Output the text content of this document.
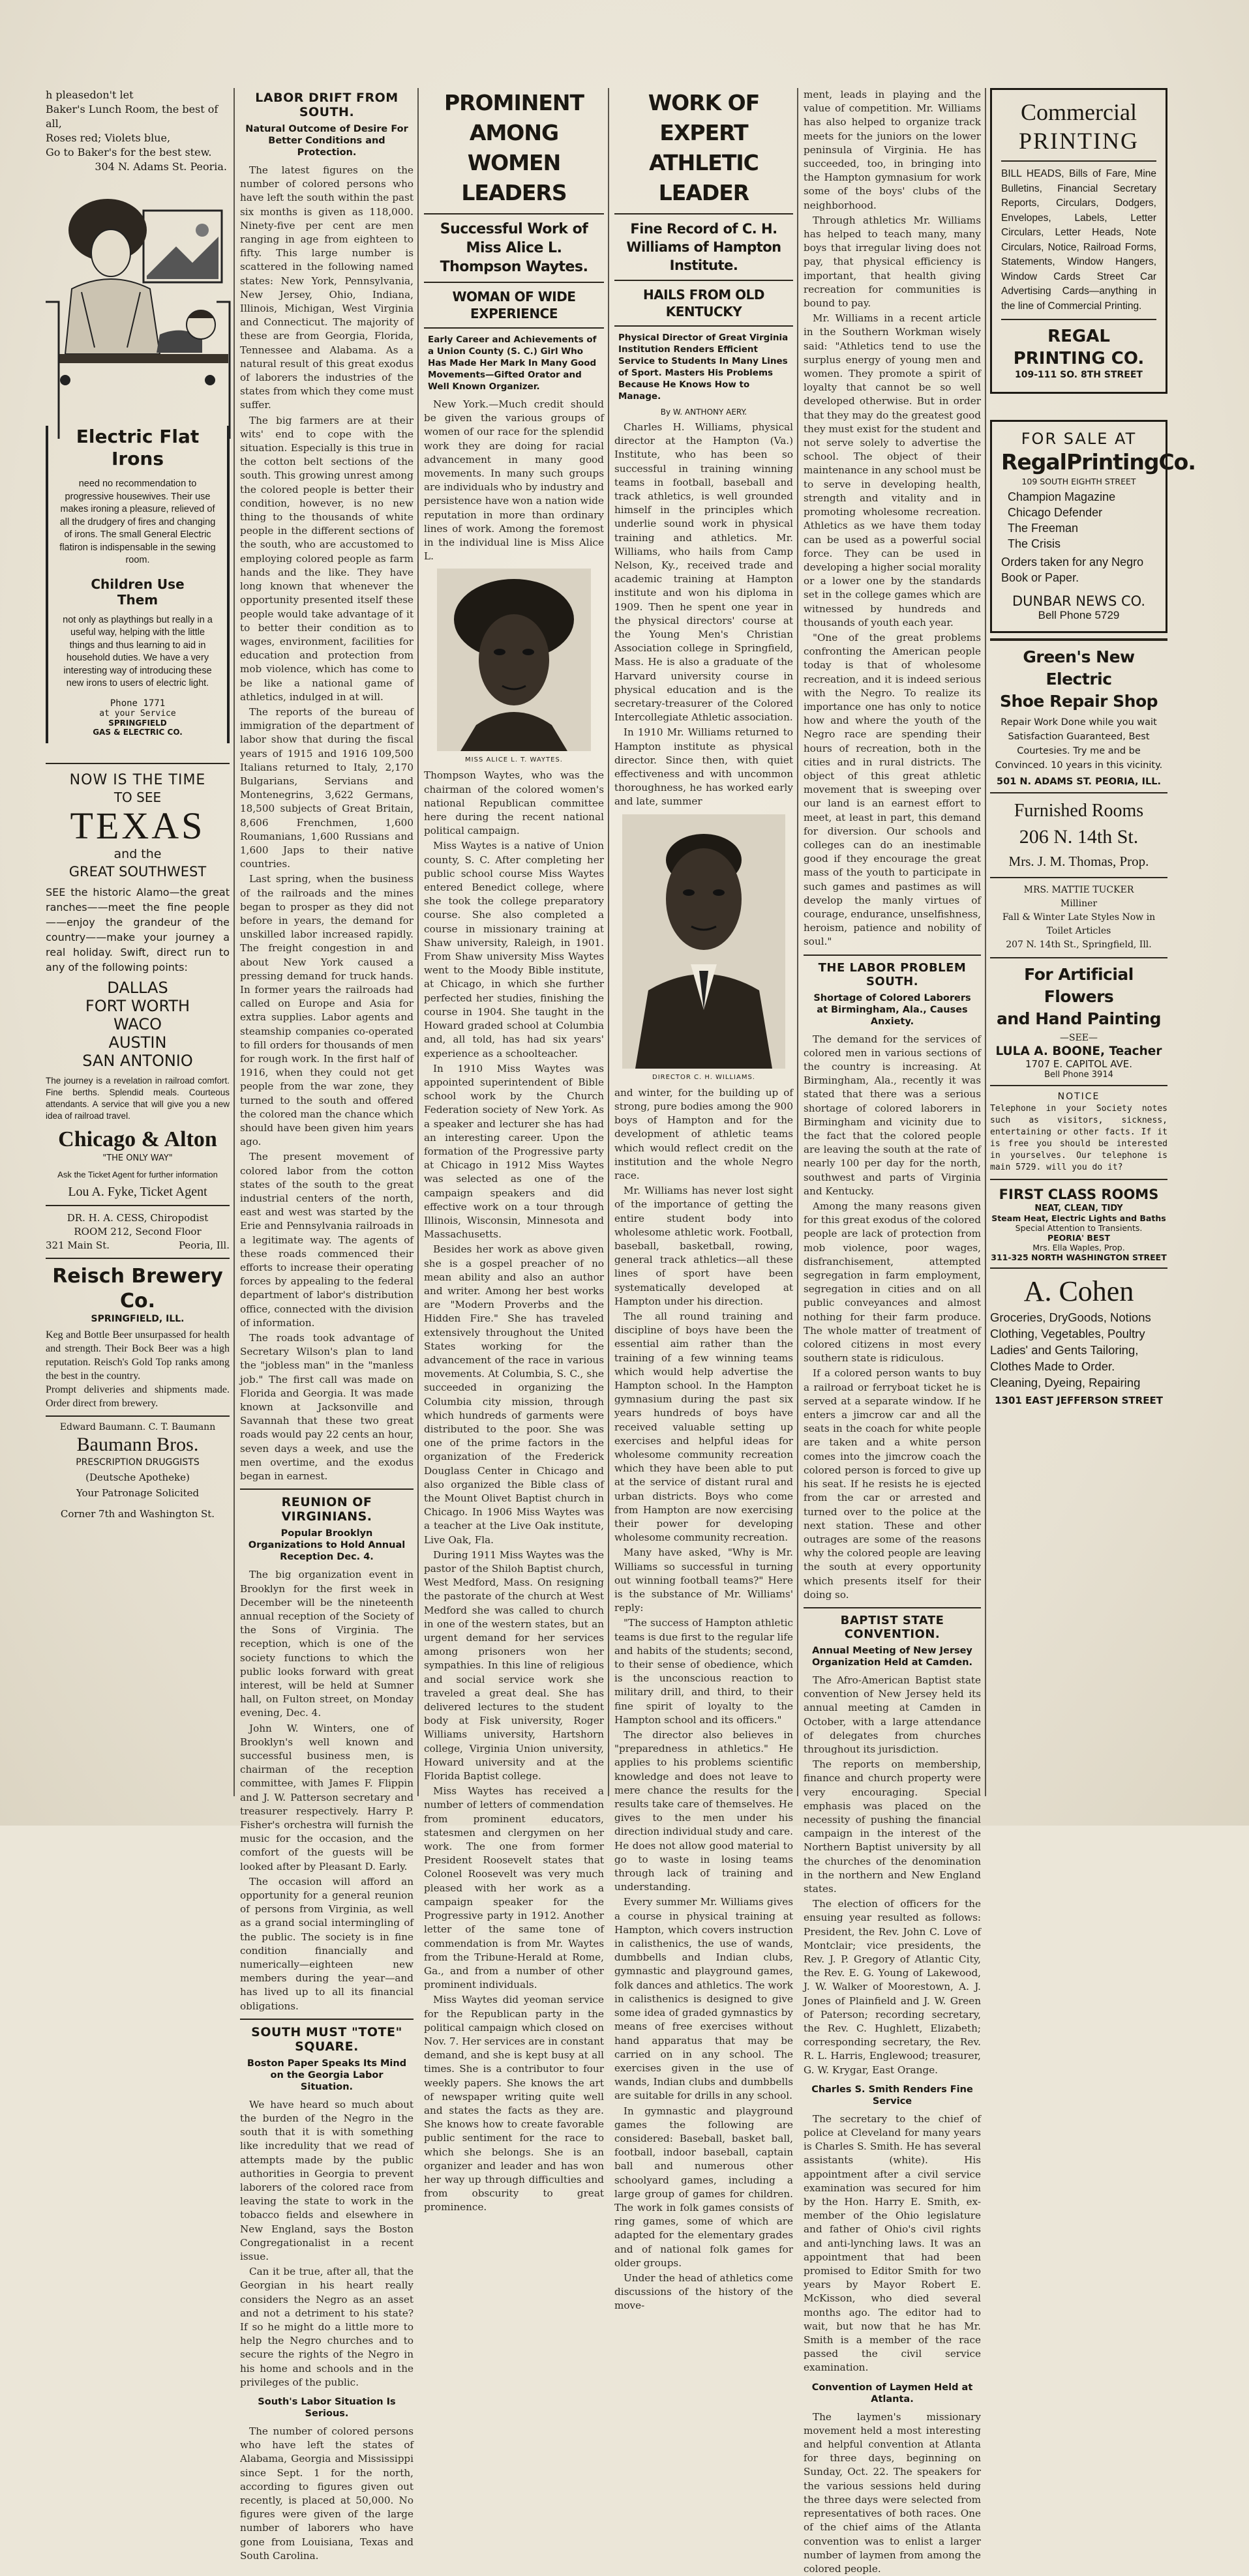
h pleasedon't let
Baker's Lunch Room, the best of all,
Roses red; Violets blue,
Go to Baker's for the best stew.
304 N. Adams St. Peoria.
Electric Flat Irons
need no recommendation to progressive housewives. Their use makes ironing a pleasure, relieved of all the drudgery of fires and changing of irons. The small General Electric flatiron is indispensable in the sewing room.
Children Use Them
not only as playthings but really in a useful way, helping with the little things and thus learning to aid in household duties. We have a very interesting way of introducing these new irons to users of electric light.
Phone 1771
at your Service
SPRINGFIELD
GAS & ELECTRIC CO.
NOW IS THE TIME
TO SEE
TEXAS
and the
GREAT SOUTHWEST
SEE the historic Alamo—the great ranches——meet the fine people——enjoy the grandeur of the country——make your journey a real holiday. Swift, direct run to any of the following points:
DALLAS
FORT WORTH
WACO
AUSTIN
SAN ANTONIO
The journey is a revelation in railroad comfort. Fine berths. Splendid meals. Courteous attendants. A service that will give you a new idea of railroad travel.
Chicago & Alton
"THE ONLY WAY"
Ask the Ticket Agent for further information
Lou A. Fyke, Ticket Agent
DR. H. A. CESS, Chiropodist
ROOM 212, Second Floor
321 Main St.	Peoria, Ill.
Reisch Brewery Co.
SPRINGFIELD, ILL.
Keg and Bottle Beer unsurpassed for health and strength. Their Bock Beer was a high reputation. Reisch's Gold Top ranks among the best in the country.
Prompt deliveries and shipments made. Order direct from brewery.
Edward Baumann. C. T. Baumann
Baumann Bros.
PRESCRIPTION DRUGGISTS
(Deutsche Apotheke)
Your Patronage Solicited
Corner 7th and Washington St.
LABOR DRIFT FROM SOUTH.
Natural Outcome of Desire For Better Conditions and Protection.

The latest figures on the number of colored persons who have left the south within the past six months is given as 118,000. Ninety-five per cent are men ranging in age from eighteen to fifty. This large number is scattered in the following named states: New York, Pennsylvania, New Jersey, Ohio, Indiana, Illinois, Michigan, West Virginia and Connecticut. The majority of these are from Georgia, Florida, Tennessee and Alabama. As a natural result of this great exodus of laborers the industries of the states from which they come must suffer.

The big farmers are at their wits' end to cope with the situation. Especially is this true in the cotton belt sections of the south. This growing unrest among the colored people is better their condition, however, is no new thing to the thousands of white people in the different sections of the south, who are accustomed to employing colored people as farm hands and the like. They have long known that whenever the opportunity presented itself these people would take advantage of it to better their condition as to wages, environment, facilities for education and protection from mob violence, which has come to be like a national game of athletics, indulged in at will.

The reports of the bureau of immigration of the department of labor show that during the fiscal years of 1915 and 1916 109,500 Italians returned to Italy, 2,170 Bulgarians, Servians and Montenegrins, 3,622 Germans, 18,500 subjects of Great Britain, 8,606 Frenchmen, 1,600 Roumanians, 1,600 Russians and 1,600 Japs to their native countries.

Last spring, when the business of the railroads and the mines began to prosper as they did not before in years, the demand for unskilled labor increased rapidly. The freight congestion in and about New York caused a pressing demand for truck hands. In former years the railroads had called on Europe and Asia for extra supplies. Labor agents and steamship companies co-operated to fill orders for thousands of men for rough work. In the first half of 1916, when they could not get people from the war zone, they turned to the south and offered the colored man the chance which should have been given him years ago.

The present movement of colored labor from the cotton states of the south to the great industrial centers of the north, east and west was started by the Erie and Pennsylvania railroads in a legitimate way. The agents of these roads commenced their efforts to increase their operating forces by appealing to the federal department of labor's distribution office, connected with the division of information.

The roads took advantage of Secretary Wilson's plan to land the "jobless man" in the "manless job." The first call was made on Florida and Georgia. It was made known at Jacksonville and Savannah that these two great roads would pay 22 cents an hour, seven days a week, and use the men overtime, and the exodus began in earnest.

REUNION OF VIRGINIANS.
Popular Brooklyn Organizations to Hold Annual Reception Dec. 4.

The big organization event in Brooklyn for the first week in December will be the nineteenth annual reception of the Society of the Sons of Virginia. The reception, which is one of the society functions to which the public looks forward with great interest, will be held at Sumner hall, on Fulton street, on Monday evening, Dec. 4.

John W. Winters, one of Brooklyn's well known and successful business men, is chairman of the reception committee, with James F. Flippin and J. W. Patterson secretary and treasurer respectively. Harry P. Fisher's orchestra will furnish the music for the occasion, and the comfort of the guests will be looked after by Pleasant D. Early.

The occasion will afford an opportunity for a general reunion of persons from Virginia, as well as a grand social intermingling of the public. The society is in fine condition financially and numerically—eighteen new members during the year—and has lived up to all its financial obligations.

SOUTH MUST "TOTE" SQUARE.
Boston Paper Speaks Its Mind on the Georgia Labor Situation.

We have heard so much about the burden of the Negro in the south that it is with something like incredulity that we read of attempts made by the public authorities in Georgia to prevent laborers of the colored race from leaving the state to work in the tobacco fields and elsewhere in New England, says the Boston Congregationalist in a recent issue.

Can it be true, after all, that the Georgian in his heart really considers the Negro as an asset and not a detriment to his state? If so he might do a little more to help the Negro churches and to secure the rights of the Negro in his home and schools and in the privileges of the public.

South's Labor Situation Is Serious.

The number of colored persons who have left the states of Alabama, Georgia and Mississippi since Sept. 1 for the north, according to figures given out recently, is placed at 50,000. No figures were given of the large number of laborers who have gone from Louisiana, Texas and South Carolina.

PROMINENT AMONG WOMEN LEADERS
Successful Work of Miss Alice L. Thompson Waytes.
WOMAN OF WIDE EXPERIENCE
Early Career and Achievements of a Union County (S. C.) Girl Who Has Made Her Mark In Many Good Movements—Gifted Orator and Well Known Organizer.

New York.—Much credit should be given the various groups of women of our race for the splendid work they are doing for racial advancement in many good movements. In many such groups are individuals who by industry and persistence have won a nation wide reputation in more than ordinary lines of work. Among the foremost in the individual line is Miss Alice L.

MISS ALICE L. T. WAYTES.

Thompson Waytes, who was the chairman of the colored women's national Republican committee here during the recent national political campaign.

Miss Waytes is a native of Union county, S. C. After completing her public school course Miss Waytes entered Benedict college, where she took the college preparatory course. She also completed a course in missionary training at Shaw university, Raleigh, in 1901. From Shaw university Miss Waytes went to the Moody Bible institute, at Chicago, in which she further perfected her studies, finishing the course in 1904. She taught in the Howard graded school at Columbia and, all told, has had six years' experience as a schoolteacher.

In 1910 Miss Waytes was appointed superintendent of Bible school work by the Church Federation society of New York. As a speaker and lecturer she has had an interesting career. Upon the formation of the Progressive party at Chicago in 1912 Miss Waytes was selected as one of the campaign speakers and did effective work on a tour through Illinois, Wisconsin, Minnesota and Massachusetts.

Besides her work as above given she is a gospel preacher of no mean ability and also an author and writer. Among her best works are "Modern Proverbs and the Hidden Fire." She has traveled extensively throughout the United States working for the advancement of the race in various movements. At Columbia, S. C., she succeeded in organizing the Columbia city mission, through which hundreds of garments were distributed to the poor. She was one of the prime factors in the organization of the Frederick Douglass Center in Chicago and also organized the Bible class of the Mount Olivet Baptist church in Chicago. In 1906 Miss Waytes was a teacher at the Live Oak institute, Live Oak, Fla.

During 1911 Miss Waytes was the pastor of the Shiloh Baptist church, West Medford, Mass. On resigning the pastorate of the church at West Medford she was called to church in one of the western states, but an urgent demand for her services among prisoners won her sympathies. In this line of religious and social service work she traveled a great deal. She has delivered lectures to the student body at Fisk university, Roger Williams university, Hartshorn college, Virginia Union university, Howard university and at the Florida Baptist college.

Miss Waytes has received a number of letters of commendation from prominent educators, statesmen and clergymen on her work. The one from former President Roosevelt states that Colonel Roosevelt was very much pleased with her work as a campaign speaker for the Progressive party in 1912. Another letter of the same tone of commendation is from Mr. Waytes from the Tribune-Herald at Rome, Ga., and from a number of other prominent individuals.

Miss Waytes did yeoman service for the Republican party in the political campaign which closed on Nov. 7. Her services are in constant demand, and she is kept busy at all times. She is a contributor to four weekly papers. She knows the art of newspaper writing quite well and states the facts as they are. She knows how to create favorable public sentiment for the race to which she belongs. She is an organizer and leader and has won her way up through difficulties and from obscurity to great prominence.

WORK OF EXPERT ATHLETIC LEADER
Fine Record of C. H. Williams of Hampton Institute.
HAILS FROM OLD KENTUCKY
Physical Director of Great Virginia Institution Renders Efficient Service to Students In Many Lines of Sport. Masters His Problems Because He Knows How to Manage.
By W. ANTHONY AERY.

Charles H. Williams, physical director at the Hampton (Va.) Institute, who has been so successful in training winning teams in football, baseball and track athletics, is well grounded himself in the principles which underlie sound work in physical training and athletics. Mr. Williams, who hails from Camp Nelson, Ky., received trade and academic training at Hampton institute and won his diploma in 1909. Then he spent one year in the physical directors' course at the Young Men's Christian Association college in Springfield, Mass. He is also a graduate of the Harvard university course in physical education and is the secretary-treasurer of the Colored Intercollegiate Athletic association.

In 1910 Mr. Williams returned to Hampton institute as physical director. Since then, with quiet effectiveness and with uncommon thoroughness, he has worked early and late, summer

DIRECTOR C. H. WILLIAMS.

and winter, for the building up of strong, pure bodies among the 900 boys of Hampton and for the development of athletic teams which would reflect credit on the institution and the whole Negro race.

Mr. Williams has never lost sight of the importance of getting the entire student body into wholesome athletic work. Football, baseball, basketball, rowing, general track athletics—all these lines of sport have been systematically developed at Hampton under his direction.

The all round training and discipline of boys have been the essential aim rather than the training of a few winning teams which would help advertise the Hampton school. In the Hampton gymnasium during the past six years hundreds of boys have received valuable setting up exercises and helpful ideas for wholesome community recreation which they have been able to put at the service of distant rural and urban districts. Boys who come from Hampton are now exercising their power for developing wholesome community recreation.

Many have asked, "Why is Mr. Williams so successful in turning out winning football teams?" Here is the substance of Mr. Williams' reply:

"The success of Hampton athletic teams is due first to the regular life and habits of the students; second, to their sense of obedience, which is the unconscious reaction to military drill, and third, to their fine spirit of loyalty to the Hampton school and its officers."

The director also believes in "preparedness in athletics." He applies to his problems scientific knowledge and does not leave to mere chance the results for the results take care of themselves. He gives to the men under his direction individual study and care. He does not allow good material to go to waste in losing teams through lack of training and understanding.

Every summer Mr. Williams gives a course in physical training at Hampton, which covers instruction in calisthenics, the use of wands, dumbbells and Indian clubs, gymnastic and playground games, folk dances and athletics. The work in calisthenics is designed to give some idea of graded gymnastics by means of free exercises without hand apparatus that may be carried on in any school. The exercises given in the use of wands, Indian clubs and dumbbells are suitable for drills in any school.

In gymnastic and playground games the following are considered: Baseball, basket ball, football, indoor baseball, captain ball and numerous other schoolyard games, including a large group of games for children. The work in folk games consists of ring games, some of which are adapted for the elementary grades and of national folk games for older groups.

Under the head of athletics come discussions of the history of the move-

ment, leads in playing and the value of competition. Mr. Williams has also helped to organize track meets for the juniors on the lower peninsula of Virginia. He has succeeded, too, in bringing into the Hampton gymnasium for work some of the boys' clubs of the neighborhood.

Through athletics Mr. Williams has helped to teach many, many boys that irregular living does not pay, that physical efficiency is important, that health giving recreation for communities is bound to pay.

Mr. Williams in a recent article in the Southern Workman wisely said: "Athletics tend to use the surplus energy of young men and women. They promote a spirit of loyalty that cannot be so well developed otherwise. But in order that they may do the greatest good they must exist for the student and not serve solely to advertise the school. The object of their maintenance in any school must be to serve in developing health, strength and vitality and in promoting wholesome recreation. Athletics as we have them today can be used as a powerful social force. They can be used in developing a higher social morality or a lower one by the standards set in the college games which are witnessed by hundreds and thousands of youth each year.

"One of the great problems confronting the American people today is that of wholesome recreation, and it is indeed serious with the Negro. To realize its importance one has only to notice how and where the youth of the Negro race are spending their hours of recreation, both in the cities and in rural districts. The object of this great athletic movement that is sweeping over our land is an earnest effort to meet, at least in part, this demand for diversion. Our schools and colleges can do an inestimable good if they encourage the great mass of the youth to participate in such games and pastimes as will develop the manly virtues of courage, endurance, unselfishness, heroism, patience and nobility of soul."

THE LABOR PROBLEM SOUTH.
Shortage of Colored Laborers at Birmingham, Ala., Causes Anxiety.

The demand for the services of colored men in various sections of the country is increasing. At Birmingham, Ala., recently it was stated that there was a serious shortage of colored laborers in Birmingham and vicinity due to the fact that the colored people are leaving the south at the rate of nearly 100 per day for the north, southwest and parts of Virginia and Kentucky.

Among the many reasons given for this great exodus of the colored people are lack of protection from mob violence, poor wages, disfranchisement, attempted segregation in farm employment, segregation in cities and on all public conveyances and almost nothing for their farm produce. The whole matter of treatment of colored citizens in most every southern state is ridiculous.

If a colored person wants to buy a railroad or ferryboat ticket he is served at a separate window. If he enters a jimcrow car and all the seats in the coach for white people are taken and a white person comes into the jimcrow coach the colored person is forced to give up his seat. If he resists he is ejected from the car or arrested and turned over to the police at the next station. These and other outrages are some of the reasons why the colored people are leaving the south at every opportunity which presents itself for their doing so.

BAPTIST STATE CONVENTION.
Annual Meeting of New Jersey Organization Held at Camden.

The Afro-American Baptist state convention of New Jersey held its annual meeting at Camden in October, with a large attendance of delegates from churches throughout its jurisdiction.

The reports on membership, finance and church property were very encouraging. Special emphasis was placed on the necessity of pushing the financial campaign in the interest of the Northern Baptist university by all the churches of the denomination in the northern and New England states.

The election of officers for the ensuing year resulted as follows: President, the Rev. John C. Love of Montclair; vice presidents, the Rev. J. P. Gregory of Atlantic City, the Rev. E. G. Young of Lakewood, J. W. Walker of Moorestown, A. J. Jones of Plainfield and J. W. Green of Paterson; recording secretary, the Rev. C. Hughlett, Elizabeth; corresponding secretary, the Rev. R. L. Harris, Englewood; treasurer, G. W. Krygar, East Orange.

Charles S. Smith Renders Fine Service

The secretary to the chief of police at Cleveland for many years is Charles S. Smith. He has several assistants (white). His appointment after a civil service examination was secured for him by the Hon. Harry E. Smith, ex-member of the Ohio legislature and father of Ohio's civil rights and anti-lynching laws. It was an appointment that had been promised to Editor Smith for two years by Mayor Robert E. McKisson, who died several months ago. The editor had to wait, but now that he has Mr. Smith is a member of the race passed the civil service examination.

Convention of Laymen Held at Atlanta.

The laymen's missionary movement held a most interesting and helpful convention at Atlanta for three days, beginning on Sunday, Oct. 22. The speakers for the various sessions held during the three days were selected from representatives of both races. One of the chief aims of the Atlanta convention was to enlist a larger number of laymen from among the colored people.

Commercial
PRINTING
BILL HEADS, Bills of Fare, Mine Bulletins, Financial Secretary Reports, Circulars, Dodgers, Envelopes, Labels, Letter Circulars, Letter Heads, Note Circulars, Notice, Railroad Forms, Statements, Window Hangers, Window Cards Street Car Advertising Cards—anything in the line of Commercial Printing.
REGAL PRINTING CO.
109-111 SO. 8TH STREET
FOR SALE AT
RegalPrintingCo.
109 SOUTH EIGHTH STREET
Champion Magazine
Chicago Defender
The Freeman
The Crisis
Orders taken for any Negro Book or Paper.
DUNBAR NEWS CO.
Bell Phone 5729
Green's New Electric
Shoe Repair Shop
Repair Work Done while you wait Satisfaction Guaranteed, Best Courtesies. Try me and be Convinced. 10 years in this vicinity.
501 N. ADAMS ST. PEORIA, ILL.
Furnished Rooms
206 N. 14th St.
Mrs. J. M. Thomas, Prop.
MRS. MATTIE TUCKER
Milliner
Fall & Winter Late Styles Now in
Toilet Articles
207 N. 14th St., Springfield, Ill.
For Artificial Flowers
and Hand Painting
—SEE—
LULA A. BOONE, Teacher
1707 E. CAPITOL AVE.
Bell Phone 3914
NOTICE
Telephone in your Society notes such as visitors, sickness, entertaining or other facts. If it is free you should be interested in yourselves. Our telephone is main 5729. will you do it?
FIRST CLASS ROOMS
NEAT, CLEAN, TIDY
Steam Heat, Electric Lights and Baths
Special Attention to Transients.
PEORIA' BEST
Mrs. Ella Waples, Prop.
311-325 NORTH WASHINGTON STREET
A. Cohen
Groceries, DryGoods, Notions Clothing, Vegetables, Poultry Ladies' and Gents Tailoring, Clothes Made to Order. Cleaning, Dyeing, Repairing
1301 EAST JEFFERSON STREET
